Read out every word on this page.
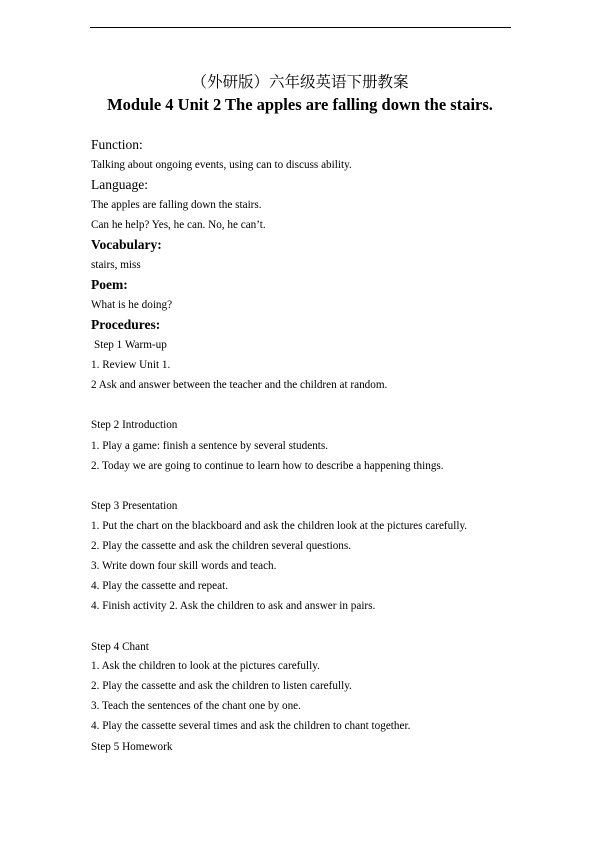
（外研版）六年级英语下册教案
Module 4 Unit 2 The apples are falling down the stairs.
Function:
Talking about ongoing events, using can to discuss ability.
Language:
The apples are falling down the stairs.
Can he help? Yes, he can. No, he can’t.
Vocabulary:
stairs, miss
Poem:
What is he doing?
Procedures:
Step 1 Warm-up
1. Review Unit 1.
2 Ask and answer between the teacher and the children at random.
Step 2 Introduction
1. Play a game: finish a sentence by several students.
2. Today we are going to continue to learn how to describe a happening things.
Step 3 Presentation
1. Put the chart on the blackboard and ask the children look at the pictures carefully.
2. Play the cassette and ask the children several questions.
3. Write down four skill words and teach.
4. Play the cassette and repeat.
4. Finish activity 2. Ask the children to ask and answer in pairs.
Step 4 Chant
1. Ask the children to look at the pictures carefully.
2. Play the cassette and ask the children to listen carefully.
3. Teach the sentences of the chant one by one.
4. Play the cassette several times and ask the children to chant together.
Step 5 Homework
